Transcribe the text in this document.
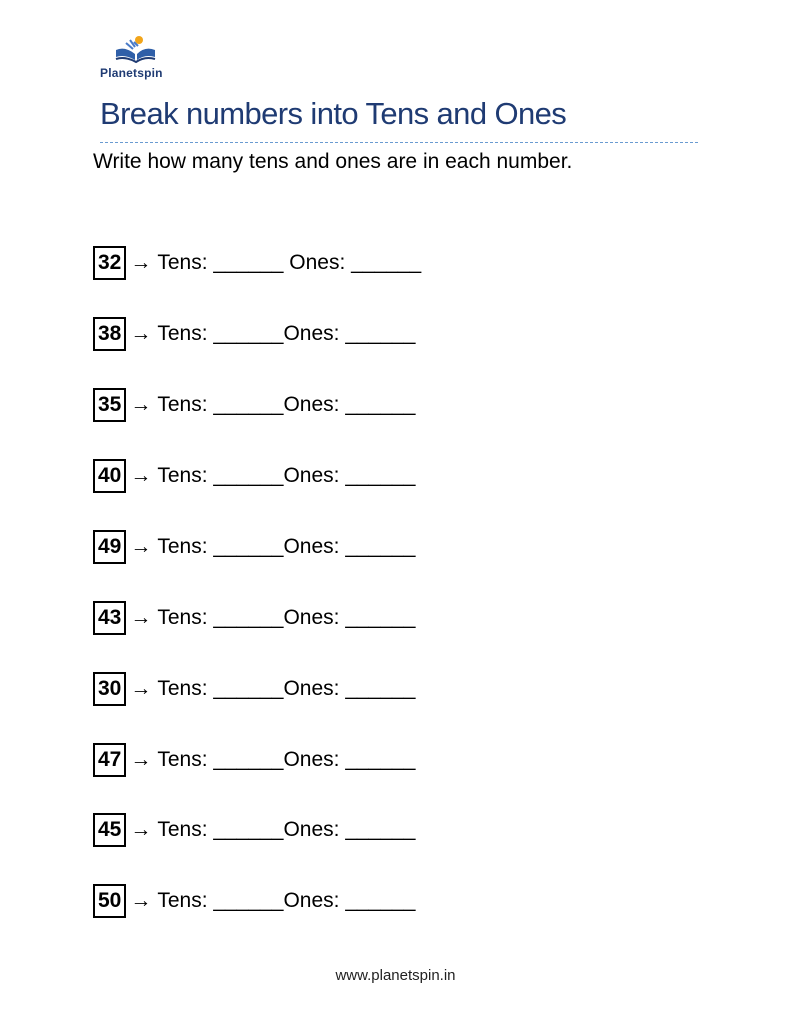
Planetspin
Break numbers into Tens and Ones
Write how many tens and ones are in each number.
32 → Tens: ______ Ones: ______
38 → Tens: ______Ones: ______
35 → Tens: ______Ones: ______
40 → Tens: ______Ones: ______
49 → Tens: ______Ones: ______
43 → Tens: ______Ones: ______
30 → Tens: ______Ones: ______
47 → Tens: ______Ones: ______
45 → Tens: ______Ones: ______
50 → Tens: ______Ones: ______
www.planetspin.in
